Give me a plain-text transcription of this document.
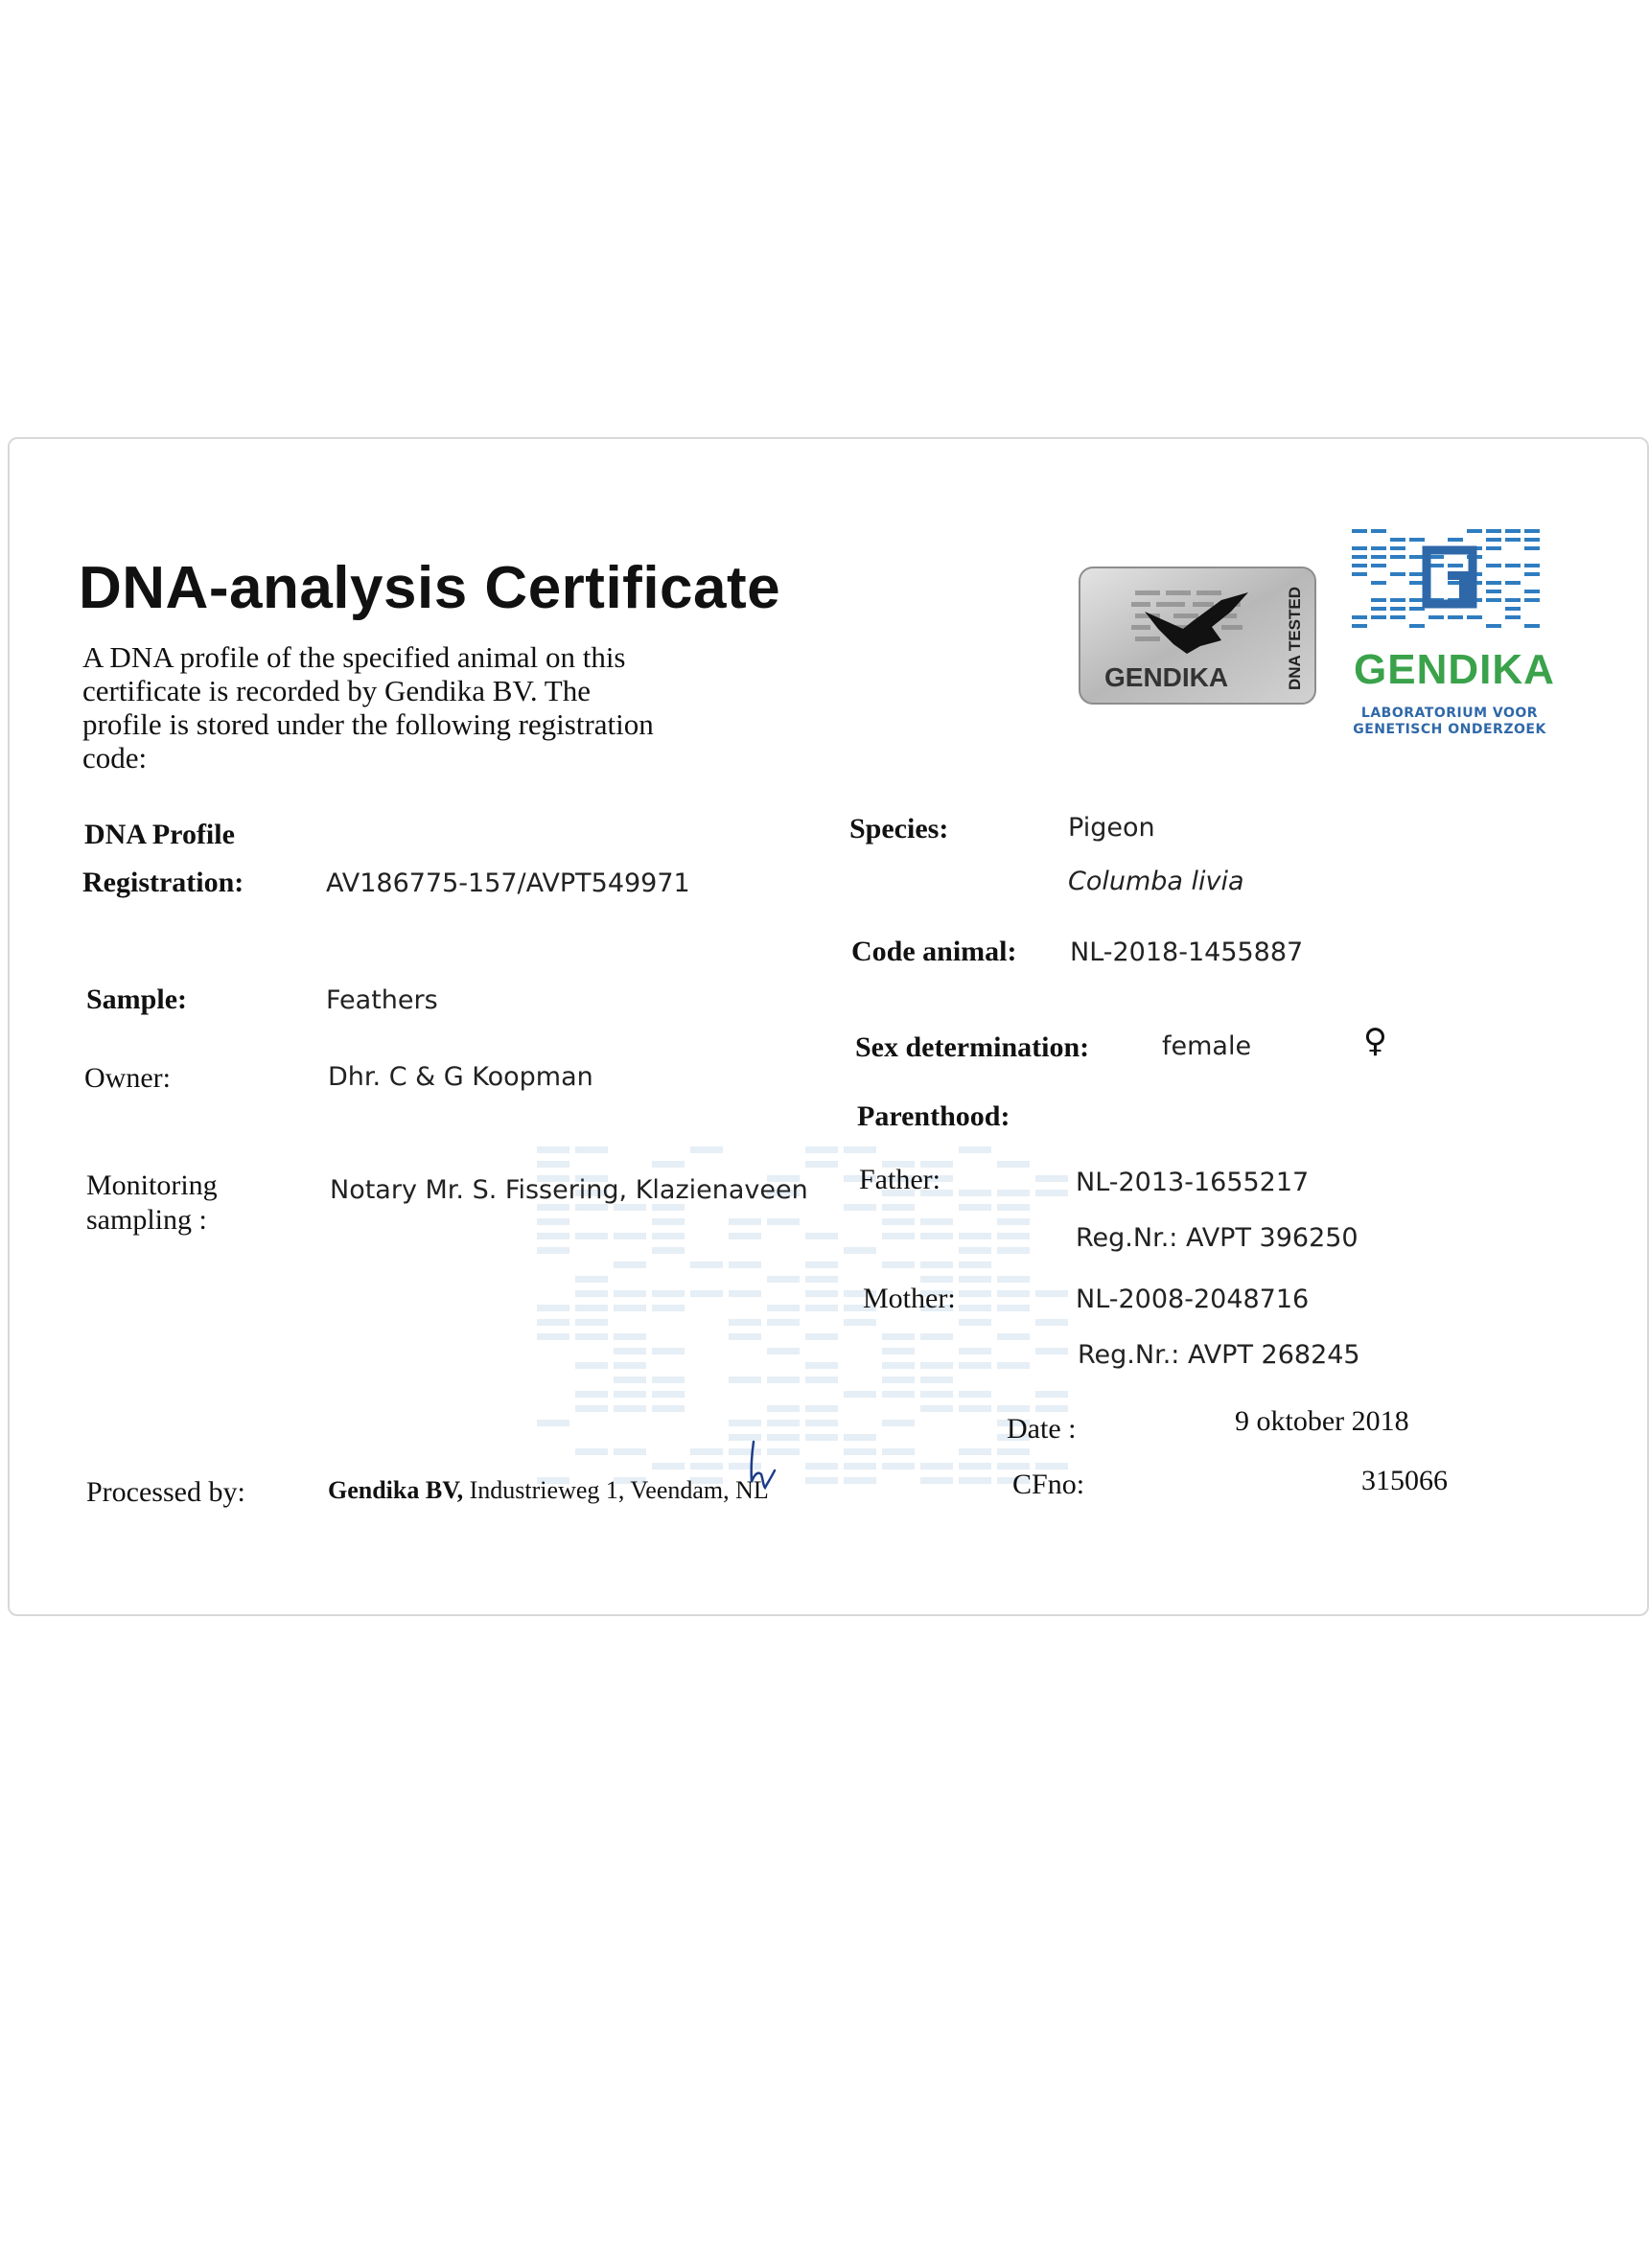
DNA-analysis Certificate
A DNA profile of the specified animal on this certificate is recorded by Gendika BV. The profile is stored under the following registration code:
GENDIKA	DNA TESTED GENDIKA
LABORATORIUM VOOR
GENETISCH ONDERZOEK
DNA Profile
Registration:	AV186775-157/AVPT549971
Sample:	Feathers
Owner:	Dhr. C & G Koopman
Monitoring
sampling :
Notary Mr. S. Fissering, Klazienaveen
Processed by:	Gendika BV, Industrieweg 1, Veendam, NL
Species:	Pigeon
Columba livia
Code animal: NL-2018-1455887
Sex determination:	female	♀
Parenthood:
Father:	NL-2013-1655217
Reg.Nr.: AVPT 396250
Mother:	NL-2008-2048716
Reg.Nr.: AVPT 268245
Date :	9 oktober 2018
CFno:	315066
